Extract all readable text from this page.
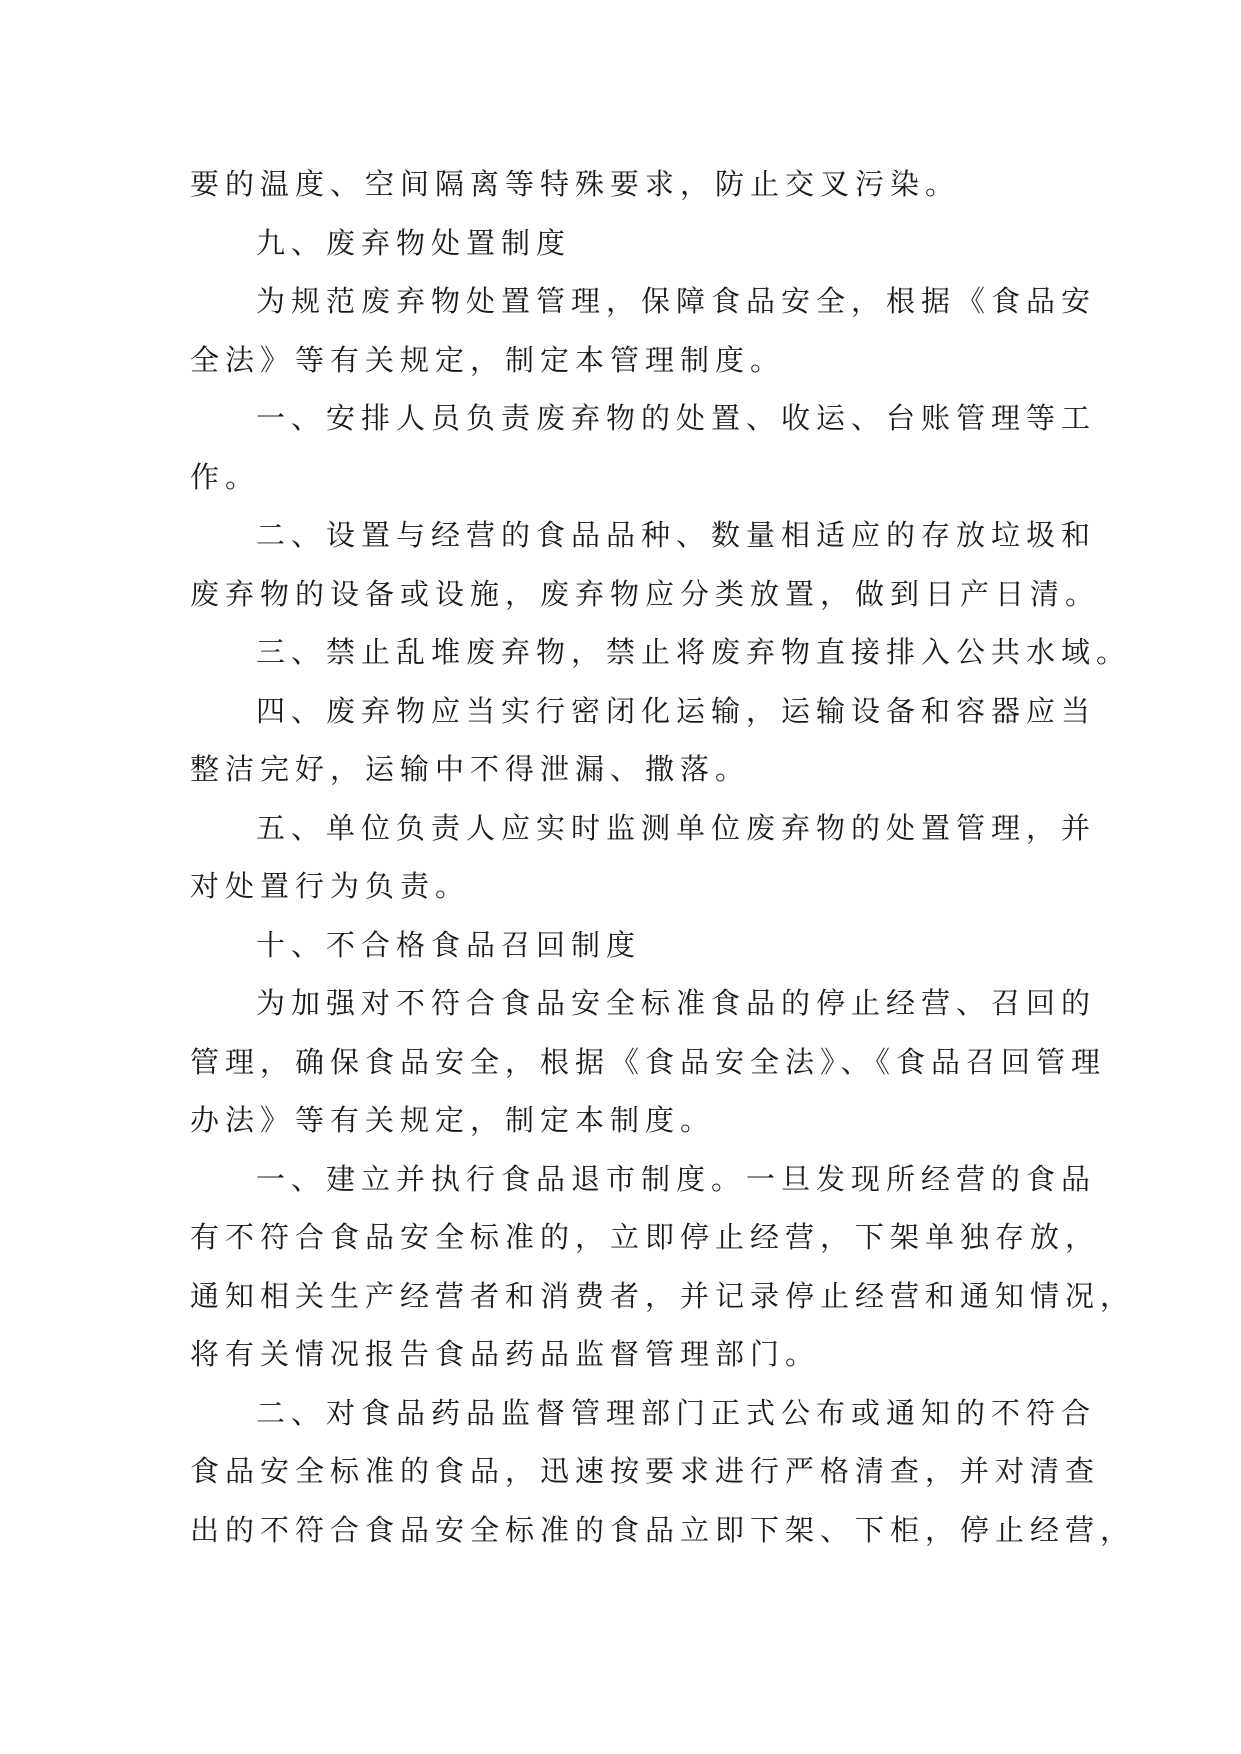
要的温度、空间隔离等特殊要求，防止交叉污染。
九、废弃物处置制度
为规范废弃物处置管理，保障食品安全，根据《食品安
全法》等有关规定，制定本管理制度。
一、安排人员负责废弃物的处置、收运、台账管理等工
作。
二、设置与经营的食品品种、数量相适应的存放垃圾和
废弃物的设备或设施，废弃物应分类放置，做到日产日清。
三、禁止乱堆废弃物，禁止将废弃物直接排入公共水域。
四、废弃物应当实行密闭化运输，运输设备和容器应当
整洁完好，运输中不得泄漏、撒落。
五、单位负责人应实时监测单位废弃物的处置管理，并
对处置行为负责。
十、不合格食品召回制度
为加强对不符合食品安全标准食品的停止经营、召回的
管理，确保食品安全，根据《食品安全法》、《食品召回管理
办法》等有关规定，制定本制度。
一、建立并执行食品退市制度。一旦发现所经营的食品
有不符合食品安全标准的，立即停止经营，下架单独存放，
通知相关生产经营者和消费者，并记录停止经营和通知情况，
将有关情况报告食品药品监督管理部门。
二、对食品药品监督管理部门正式公布或通知的不符合
食品安全标准的食品，迅速按要求进行严格清查，并对清查
出的不符合食品安全标准的食品立即下架、下柜，停止经营，
